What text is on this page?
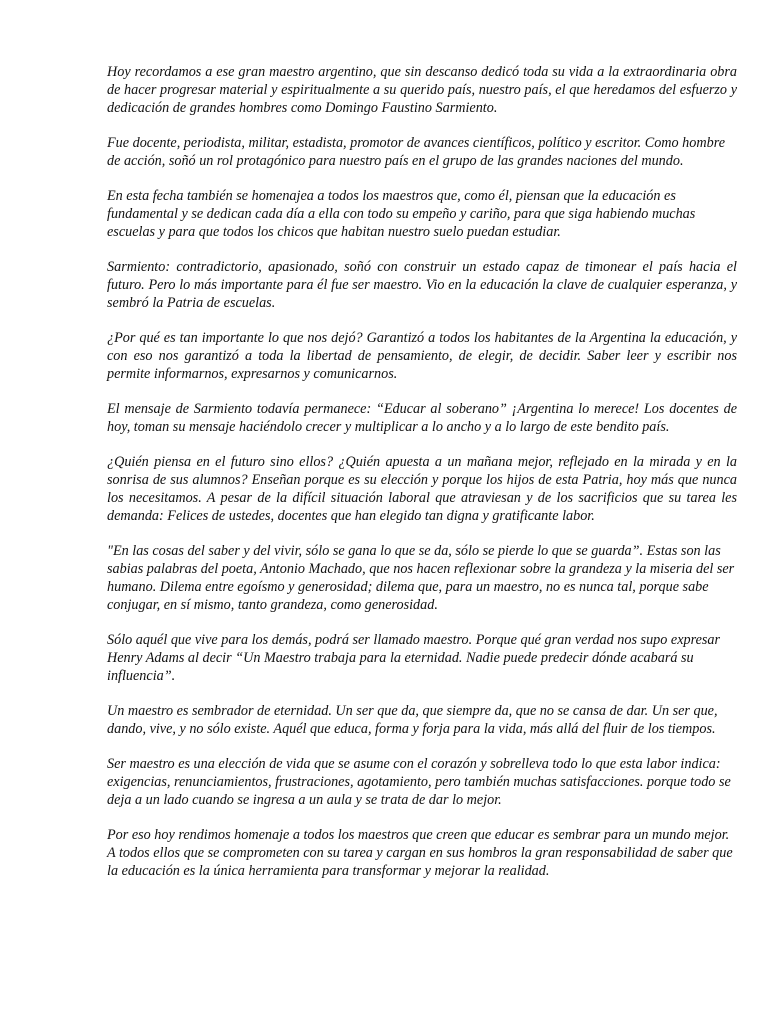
Hoy recordamos a ese gran maestro argentino, que sin descanso dedicó toda su vida a la extraordinaria obra de hacer progresar material y espiritualmente a su querido país, nuestro país, el que heredamos del esfuerzo y dedicación de grandes hombres como Domingo Faustino Sarmiento.

Fue docente, periodista, militar, estadista, promotor de avances científicos, político y escritor. Como hombre de acción, soñó un rol protagónico para nuestro país en el grupo de las grandes naciones del mundo.

En esta fecha también se homenajea a todos los maestros que, como él, piensan que la educación es fundamental y se dedican cada día a ella con todo su empeño y cariño, para que siga habiendo muchas escuelas y para que todos los chicos que habitan nuestro suelo puedan estudiar.

Sarmiento: contradictorio, apasionado, soñó con construir un estado capaz de timonear el país hacia el futuro. Pero lo más importante para él fue ser maestro. Vio en la educación la clave de cualquier esperanza, y sembró la Patria de escuelas.

¿Por qué es tan importante lo que nos dejó? Garantizó a todos los habitantes de la Argentina la educación, y con eso nos garantizó a toda la libertad de pensamiento, de elegir, de decidir. Saber leer y escribir nos permite informarnos, expresarnos y comunicarnos.

El mensaje de Sarmiento todavía permanece: “Educar al soberano” ¡Argentina lo merece! Los docentes de hoy, toman su mensaje haciéndolo crecer y multiplicar a lo ancho y a lo largo de este bendito país.

¿Quién piensa en el futuro sino ellos? ¿Quién apuesta a un mañana mejor, reflejado en la mirada y en la sonrisa de sus alumnos? Enseñan porque es su elección y porque los hijos de esta Patria, hoy más que nunca los necesitamos. A pesar de la difícil situación laboral que atraviesan y de los sacrificios que su tarea les demanda: Felices de ustedes, docentes que han elegido tan digna y gratificante labor.

"En las cosas del saber y del vivir, sólo se gana lo que se da, sólo se pierde lo que se guarda”. Estas son las sabias palabras del poeta, Antonio Machado, que nos hacen reflexionar sobre la grandeza y la miseria del ser humano. Dilema entre egoísmo y generosidad; dilema que, para un maestro, no es nunca tal, porque sabe conjugar, en sí mismo, tanto grandeza, como generosidad.

Sólo aquél que vive para los demás, podrá ser llamado maestro. Porque qué gran verdad nos supo expresar Henry Adams al decir “Un Maestro trabaja para la eternidad. Nadie puede predecir dónde acabará su influencia”.

Un maestro es sembrador de eternidad. Un ser que da, que siempre da, que no se cansa de dar. Un ser que, dando, vive, y no sólo existe. Aquél que educa, forma y forja para la vida, más allá del fluir de los tiempos.

Ser maestro es una elección de vida que se asume con el corazón y sobrelleva todo lo que esta labor indica: exigencias, renunciamientos, frustraciones, agotamiento, pero también muchas satisfacciones. porque todo se deja a un lado cuando se ingresa a un aula y se trata de dar lo mejor.

Por eso hoy rendimos homenaje a todos los maestros que creen que educar es sembrar para un mundo mejor. A todos ellos que se comprometen con su tarea y cargan en sus hombros la gran responsabilidad de saber que la educación es la única herramienta para transformar y mejorar la realidad.
